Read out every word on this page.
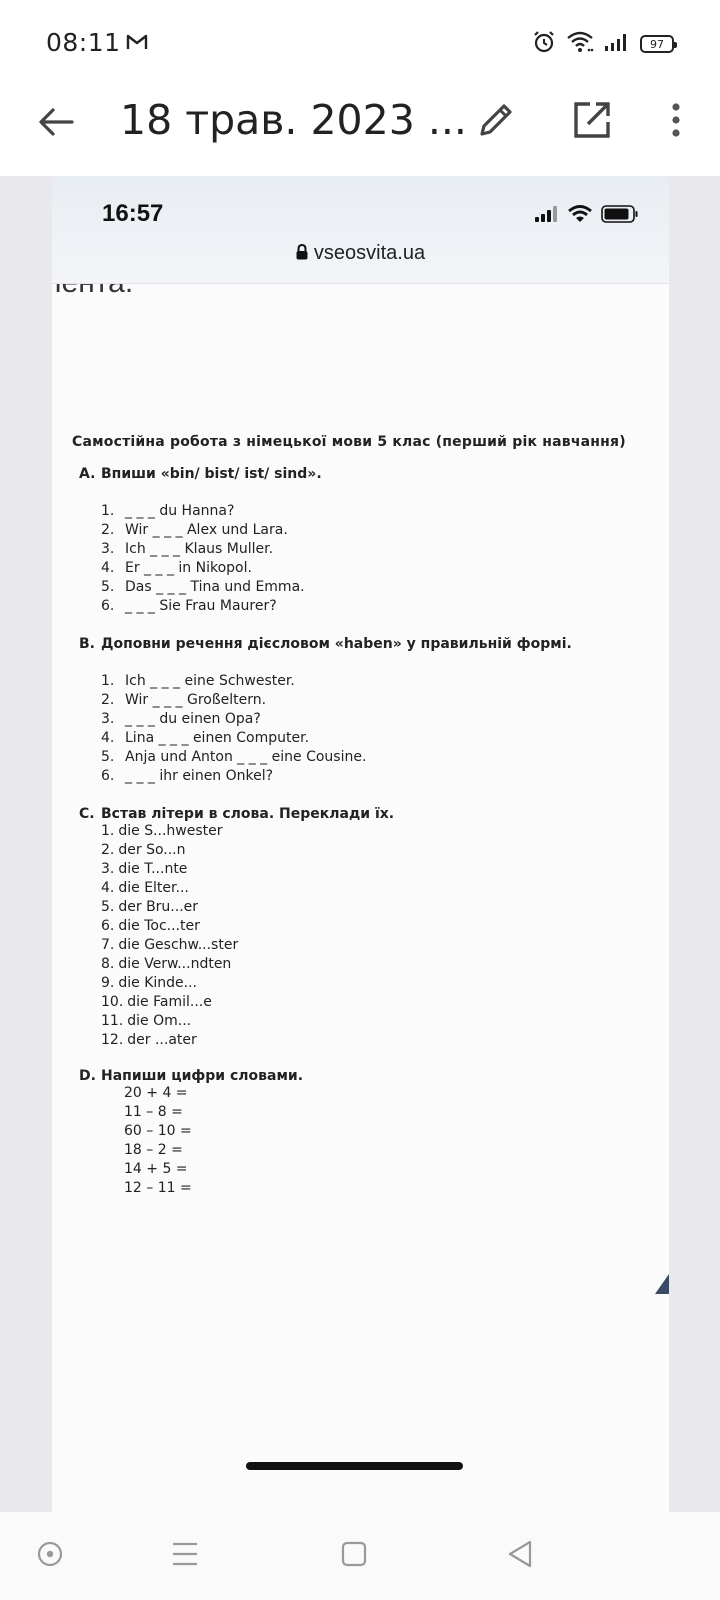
08:11	97
18 трав. 2023 ...
16:57
vseosvita.ua
Самостійна робота з німецької мови 5 клас (перший рік навчання)
A. Впиши «bin/ bist/ ist/ sind».
1. _ _ _ du Hanna?
2. Wir _ _ _ Alex und Lara.
3. Ich _ _ _ Klaus Muller.
4. Er _ _ _ in Nikopol.
5. Das _ _ _ Tina und Emma.
6. _ _ _ Sie Frau Maurer?
B. Доповни речення дієсловом «haben» у правильній формі.
1. Ich _ _ _ eine Schwester.
2. Wir _ _ _ Großeltern.
3. _ _ _ du einen Opa?
4. Lina _ _ _ einen Computer.
5. Anja und Anton _ _ _ eine Cousine.
6. _ _ _ ihr einen Onkel?
C. Встав літери в слова. Переклади їх.
1. die S...hwester
2. der So...n
3. die T...nte
4. die Elter...
5. der Bru...er
6. die Toc...ter
7. die Geschw...ster
8. die Verw...ndten
9. die Kinde...
10. die Famil...e
11. die Om...
12. der ...ater
D. Напиши цифри словами.
20 + 4 =
11 – 8 =
60 – 10 =
18 – 2 =
14 + 5 =
12 – 11 =
